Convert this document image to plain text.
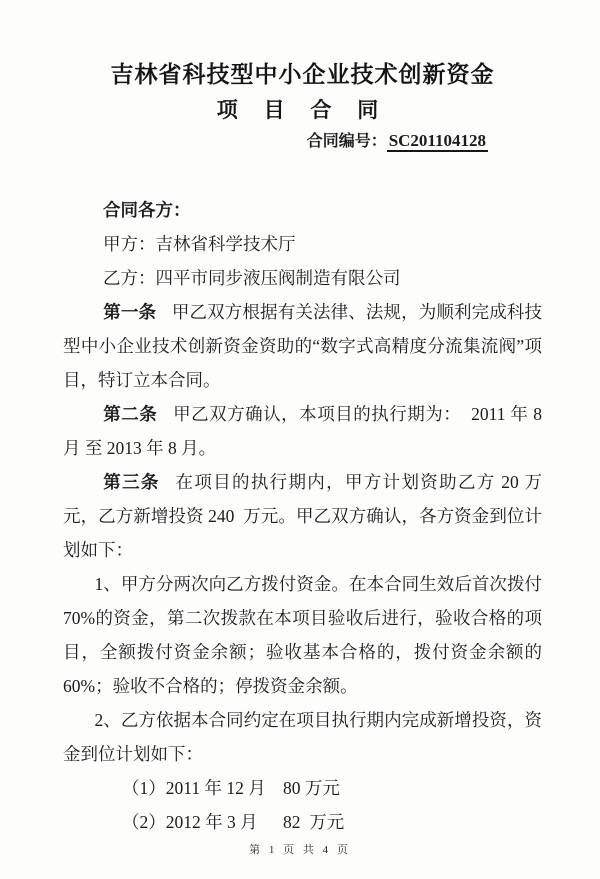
吉林省科技型中小企业技术创新资金
项 目 合 同
合同编号： SC201104128

合同各方：

甲方：吉林省科学技术厅

乙方：四平市同步液压阀制造有限公司

第一条 甲乙双方根据有关法律、法规，为顺利完成科技型中小企业技术创新资金资助的“数字式高精度分流集流阀”项目，特订立本合同。

第二条 甲乙双方确认，本项目的执行期为：  2011 年 8 月 至 2013 年 8 月。

第三条 在项目的执行期内，甲方计划资助乙方 20 万元，乙方新增投资 240  万元。甲乙双方确认，各方资金到位计划如下：

1、甲方分两次向乙方拨付资金。在本合同生效后首次拨付 70%的资金，第二次拨款在本项目验收后进行，验收合格的项目，全额拨付资金余额；验收基本合格的，拨付资金余额的 60%；验收不合格的；停拨资金余额。

2、乙方依据本合同约定在项目执行期内完成新增投资，资金到位计划如下：

（1）2011 年 12 月 80 万元

（2）2012 年 3 月 82  万元

第 1 页 共 4 页
